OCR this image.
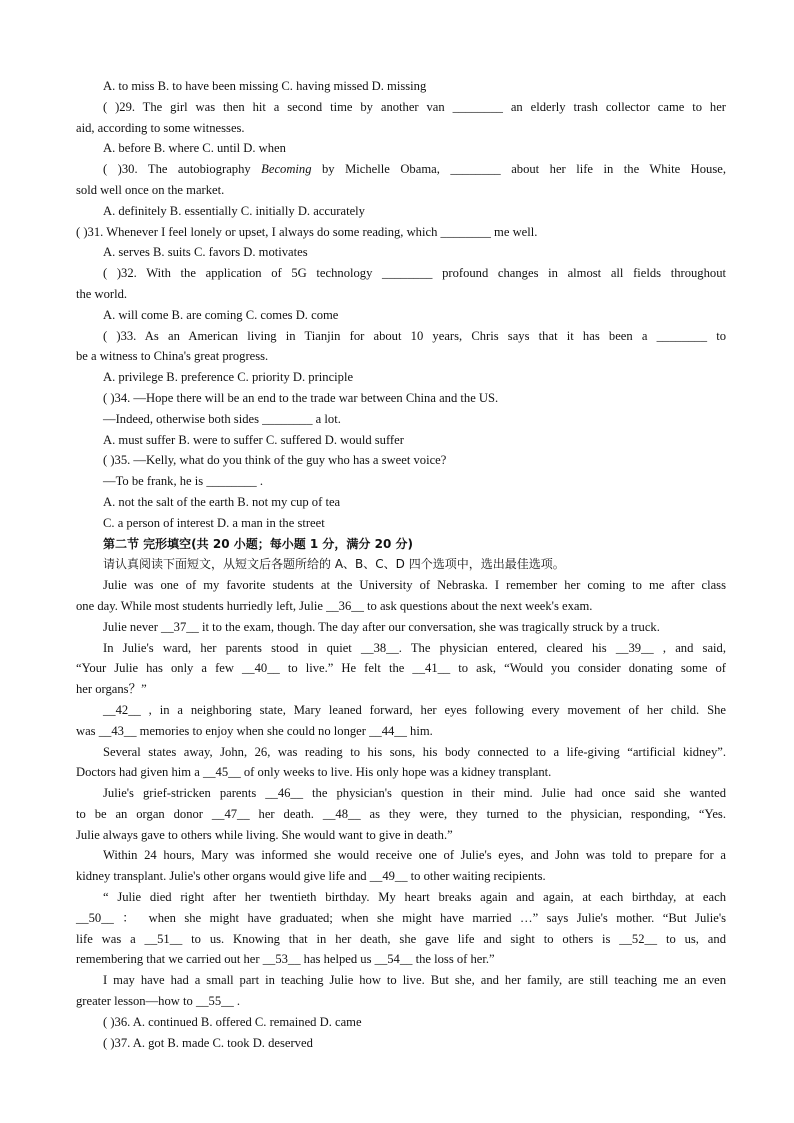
A. to miss B. to have been missing C. having missed D. missing
( )29. The girl was then hit a second time by another van ________ an elderly trash collector came to her
aid, according to some witnesses.
A. before B. where C. until D. when
( )30. The autobiography Becoming by Michelle Obama, ________ about her life in the White House,
sold well once on the market.
A. definitely B. essentially C. initially D. accurately
( )31. Whenever I feel lonely or upset, I always do some reading, which ________ me well.
A. serves B. suits C. favors D. motivates
( )32. With the application of 5G technology ________ profound changes in almost all fields throughout
the world.
A. will come B. are coming C. comes D. come
( )33. As an American living in Tianjin for about 10 years, Chris says that it has been a ________ to
be a witness to China's great progress.
A. privilege B. preference C. priority D. principle
( )34. —Hope there will be an end to the trade war between China and the US.
—Indeed, otherwise both sides ________ a lot.
A. must suffer B. were to suffer C. suffered D. would suffer
( )35. —Kelly, what do you think of the guy who has a sweet voice?
—To be frank, he is ________ .
A. not the salt of the earth B. not my cup of tea
C. a person of interest D. a man in the street
第二节 完形填空(共 20 小题；每小题 1 分，满分 20 分)
请认真阅读下面短文，从短文后各题所给的 A、B、C、D 四个选项中，选出最佳选项。
Julie was one of my favorite students at the University of Nebraska. I remember her coming to me after class
one day. While most students hurriedly left, Julie __36__ to ask questions about the next week's exam.
Julie never __37__ it to the exam, though. The day after our conversation, she was tragically struck by a truck.
In Julie's ward, her parents stood in quiet __38__. The physician entered, cleared his __39__ , and said,
“Your Julie has only a few __40__ to live.” He felt the __41__ to ask, “Would you consider donating some of
her organs？”
__42__ , in a neighboring state, Mary leaned forward, her eyes following every movement of her child. She
was __43__ memories to enjoy when she could no longer __44__ him.
Several states away, John, 26, was reading to his sons, his body connected to a life-giving “artificial kidney”.
Doctors had given him a __45__ of only weeks to live. His only hope was a kidney transplant.
Julie's grief-stricken parents __46__ the physician's question in their mind. Julie had once said she wanted
to be an organ donor __47__ her death. __48__ as they were, they turned to the physician, responding, “Yes.
Julie always gave to others while living. She would want to give in death.”
Within 24 hours, Mary was informed she would receive one of Julie's eyes, and John was told to prepare for a
kidney transplant. Julie's other organs would give life and __49__ to other waiting recipients.
“ Julie died right after her twentieth birthday. My heart breaks again and again, at each birthday, at each
__50__ ： when she might have graduated; when she might have married …” says Julie's mother. “But Julie's
life was a __51__ to us. Knowing that in her death, she gave life and sight to others is __52__ to us, and
remembering that we carried out her __53__ has helped us __54__ the loss of her.”
I may have had a small part in teaching Julie how to live. But she, and her family, are still teaching me an even
greater lesson—how to __55__ .
( )36. A. continued B. offered C. remained D. came
( )37. A. got B. made C. took D. deserved
